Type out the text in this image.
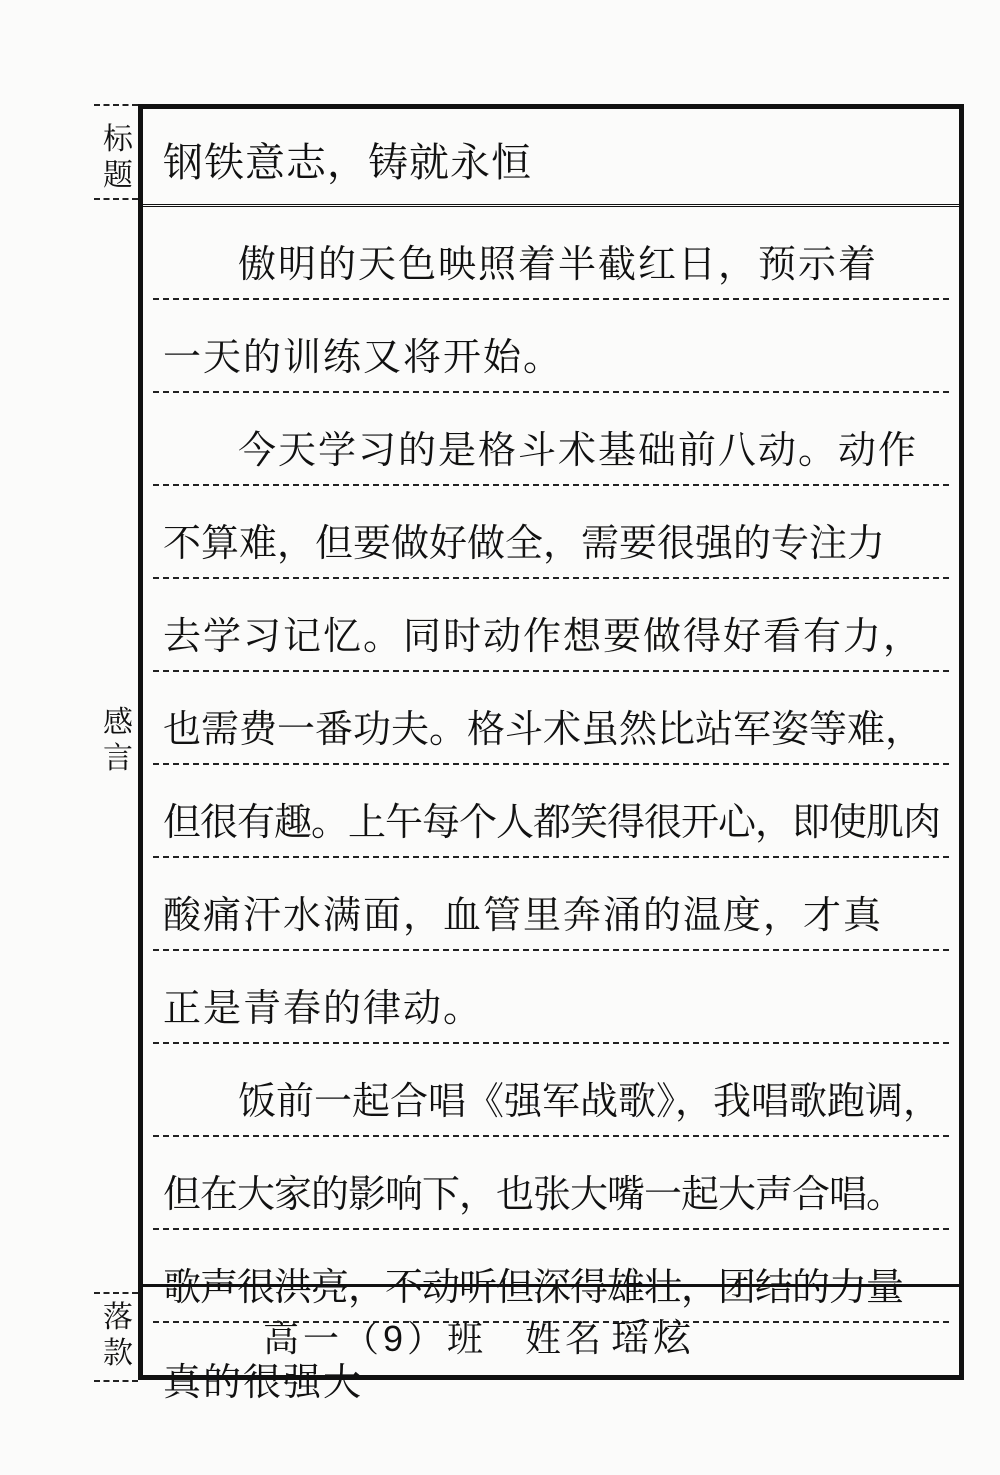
标题
感言
落款
钢铁意志，铸就永恒
傲明的天色映照着半截红日，预示着
一天的训练又将开始。
今天学习的是格斗术基础前八动。动作
不算难，但要做好做全，需要很强的专注力
去学习记忆。同时动作想要做得好看有力，
也需费一番功夫。格斗术虽然比站军姿等难，
但很有趣。上午每个人都笑得很开心，即使肌肉
酸痛汗水满面，血管里奔涌的温度，才真
正是青春的律动。
饭前一起合唱《强军战歌》，我唱歌跑调，
但在大家的影响下，也张大嘴一起大声合唱。
歌声很洪亮，不动听但深得雄壮，团结的力量
真的很强大
高一（9）班 姓名 瑶炫
